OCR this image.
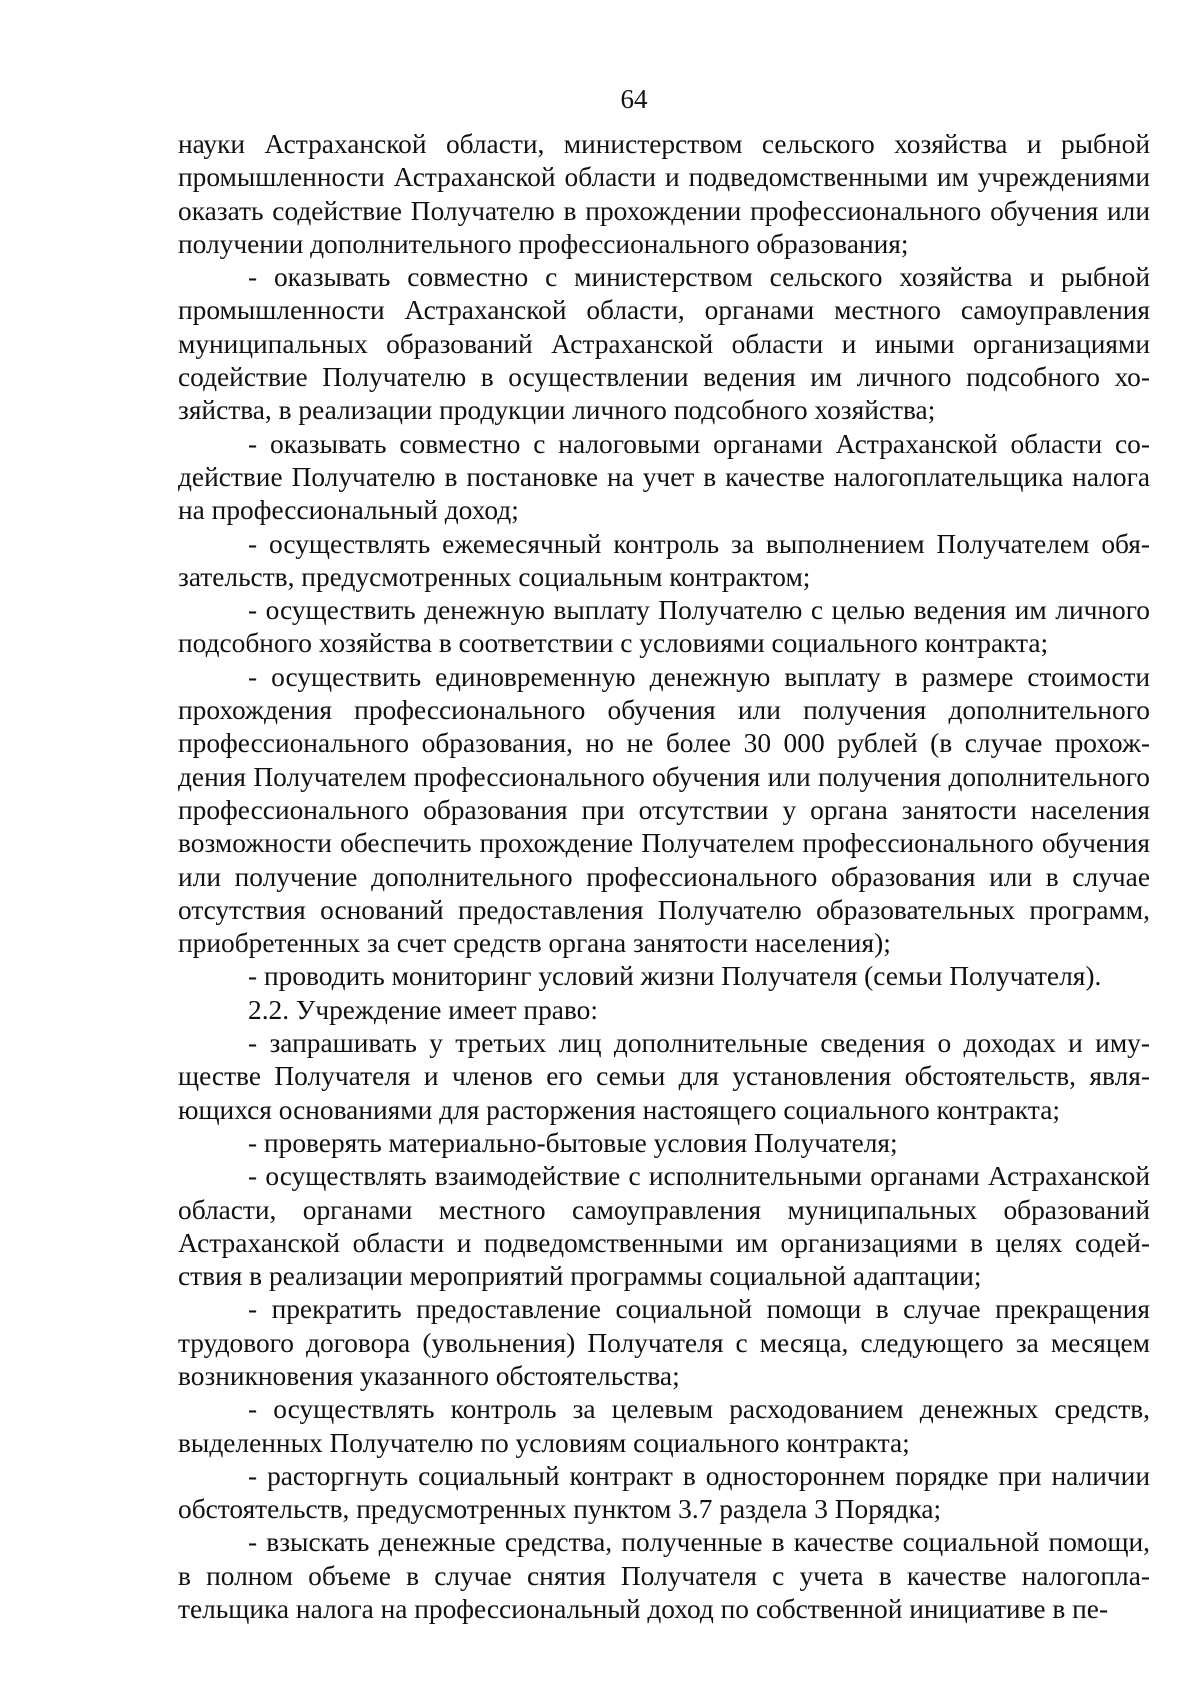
64

науки Астраханской области, министерством сельского хозяйства и рыбной промышленности Астраханской области и подведомственными им учреждениями оказать содействие Получателю в прохождении профессионального обучения или получении дополнительного профессионального образования;

- оказывать совместно с министерством сельского хозяйства и рыбной промышленности Астраханской области, органами местного самоуправления муниципальных образований Астраханской области и иными организациями содействие Получателю в осуществлении ведения им личного подсобного хозяйства, в реализации продукции личного подсобного хозяйства;

- оказывать совместно с налоговыми органами Астраханской области содействие Получателю в постановке на учет в качестве налогоплательщика налога на профессиональный доход;

- осуществлять ежемесячный контроль за выполнением Получателем обязательств, предусмотренных социальным контрактом;

- осуществить денежную выплату Получателю с целью ведения им личного подсобного хозяйства в соответствии с условиями социального контракта;

- осуществить единовременную денежную выплату в размере стоимости прохождения профессионального обучения или получения дополнительного профессионального образования, но не более 30 000 рублей (в случае прохождения Получателем профессионального обучения или получения дополнительного профессионального образования при отсутствии у органа занятости населения возможности обеспечить прохождение Получателем профессионального обучения или получение дополнительного профессионального образования или в случае отсутствия оснований предоставления Получателю образовательных программ, приобретенных за счет средств органа занятости населения);

- проводить мониторинг условий жизни Получателя (семьи Получателя).

2.2. Учреждение имеет право:

- запрашивать у третьих лиц дополнительные сведения о доходах и имуществе Получателя и членов его семьи для установления обстоятельств, являющихся основаниями для расторжения настоящего социального контракта;

- проверять материально-бытовые условия Получателя;

- осуществлять взаимодействие с исполнительными органами Астраханской области, органами местного самоуправления муниципальных образований Астраханской области и подведомственными им организациями в целях содействия в реализации мероприятий программы социальной адаптации;

- прекратить предоставление социальной помощи в случае прекращения трудового договора (увольнения) Получателя с месяца, следующего за месяцем возникновения указанного обстоятельства;

- осуществлять контроль за целевым расходованием денежных средств, выделенных Получателю по условиям социального контракта;

- расторгнуть социальный контракт в одностороннем порядке при наличии обстоятельств, предусмотренных пунктом 3.7 раздела 3 Порядка;

- взыскать денежные средства, полученные в качестве социальной помощи, в полном объеме в случае снятия Получателя с учета в качестве налогоплательщика налога на профессиональный доход по собственной инициативе в пе-
